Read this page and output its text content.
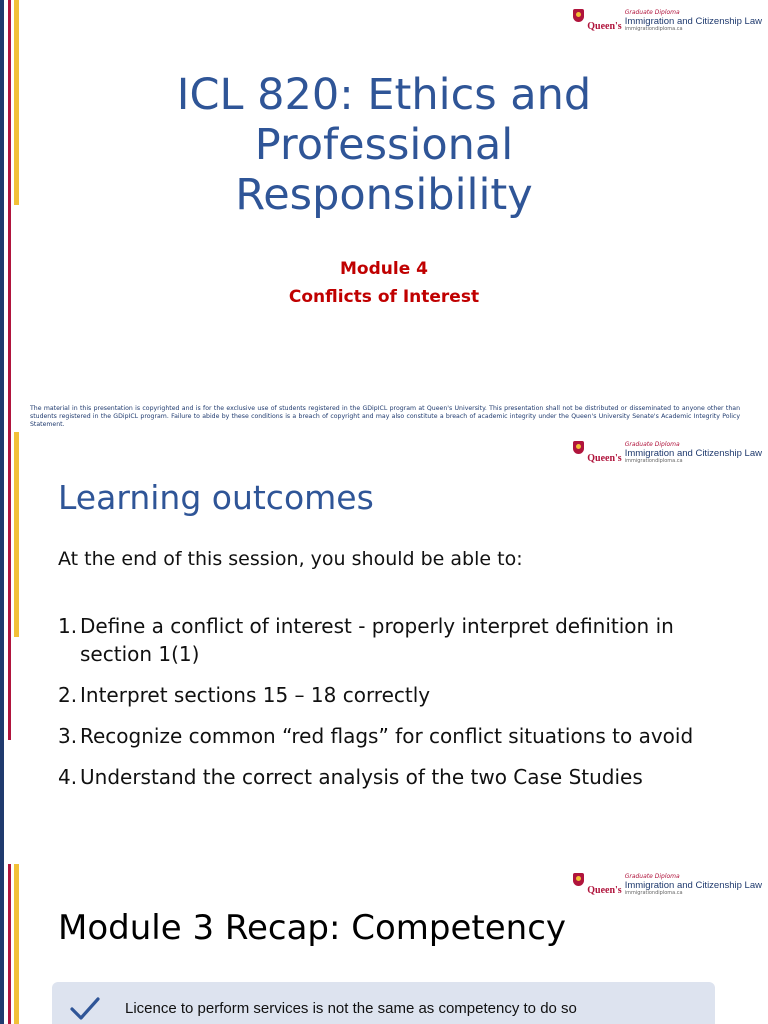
Queen's
Graduate Diploma
Immigration and Citizenship Law
immigrationdiploma.ca
ICL 820: Ethics and
Professional
Responsibility
Module 4
Conflicts of Interest
The material in this presentation is copyrighted and is for the exclusive use of students registered in the GDipICL program at Queen's University. This presentation shall not be distributed or disseminated to anyone other than students registered in the GDipICL program. Failure to abide by these conditions is a breach of copyright and may also constitute a breach of academic integrity under the Queen's University Senate's Academic Integrity Policy Statement.
Queen's
Graduate Diploma
Immigration and Citizenship Law
immigrationdiploma.ca
Learning outcomes
At the end of this session, you should be able to:
1. Define a conflict of interest - properly interpret definition in section 1(1)
2. Interpret sections 15 – 18 correctly
3. Recognize common “red flags” for conflict situations to avoid
4. Understand the correct analysis of the two Case Studies
Queen's
Graduate Diploma
Immigration and Citizenship Law
immigrationdiploma.ca
Module 3 Recap: Competency
Licence to perform services is not the same as competency to do so
